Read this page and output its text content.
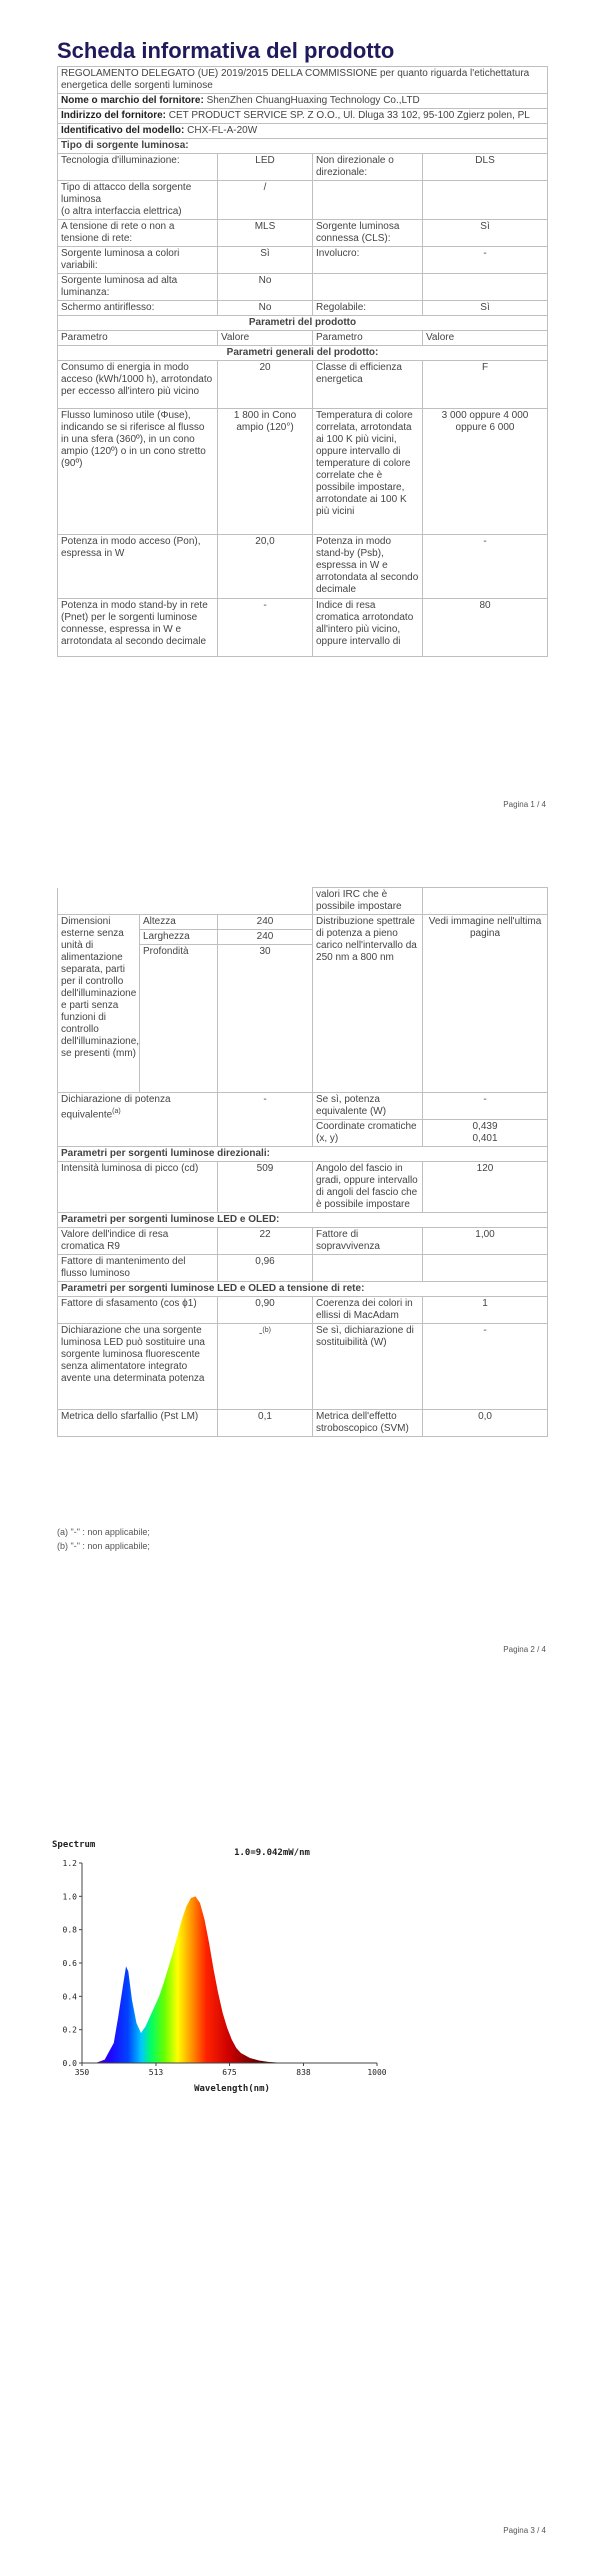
Scheda informativa del prodotto
REGOLAMENTO DELEGATO (UE) 2019/2015 DELLA COMMISSIONE per quanto riguarda l'etichettatura energetica delle sorgenti luminose			
Nome o marchio del fornitore: ShenZhen ChuangHuaxing Technology Co.,LTD			
Indirizzo del fornitore: CET PRODUCT SERVICE SP. Z O.O., Ul. Dluga 33 102, 95-100 Zgierz polen, PL			
Identificativo del modello: CHX-FL-A-20W			
Tipo di sorgente luminosa:			
Tecnologia d'illuminazione:	LED	Non direzionale o direzionale:	DLS
Tipo di attacco della sorgente luminosa
(o altra interfaccia elettrica)	/		
A tensione di rete o non a tensione di rete:	MLS	Sorgente luminosa connessa (CLS):	Sì
Sorgente luminosa a colori variabili:	Sì	Involucro:	-
Sorgente luminosa ad alta luminanza:	No		
Schermo antiriflesso:	No	Regolabile:	Sì
Parametri del prodotto			
Parametro	Valore	Parametro	Valore
Parametri generali del prodotto:			
Consumo di energia in modo acceso (kWh/1000 h), arrotondato per eccesso all'intero più vicino	20	Classe di efficienza energetica	F
Flusso luminoso utile (Φuse), indicando se si riferisce al flusso in una sfera (360º), in un cono ampio (120º) o in un cono stretto (90º)	1 800 in Cono ampio (120°)	Temperatura di colore correlata, arrotondata ai 100 K più vicini, oppure intervallo di temperature di colore correlate che è possibile impostare, arrotondate ai 100 K più vicini	3 000 oppure 4 000 oppure 6 000
Potenza in modo acceso (Pon), espressa in W	20,0	Potenza in modo stand-by (Psb), espressa in W e arrotondata al secondo decimale	-
Potenza in modo stand-by in rete (Pnet) per le sorgenti luminose connesse, espressa in W e arrotondata al secondo decimale	-	Indice di resa cromatica arrotondato all'intero più vicino, oppure intervallo di	80
Pagina 1 / 4
			valori IRC che è possibile impostare	
Dimensioni esterne senza unità di alimentazione separata, parti per il controllo dell'illuminazione e parti senza funzioni di controllo dell'illuminazione, se presenti (mm)	Altezza	240	Distribuzione spettrale di potenza a pieno carico nell'intervallo da 250 nm a 800 nm	Vedi immagine nell'ultima pagina
	Larghezza	240		
	Profondità	30		
Dichiarazione di potenza equivalente$^{(a)}$		-	Se sì, potenza equivalente (W)	-
			Coordinate cromatiche (x, y)	0,439
0,401
Parametri per sorgenti luminose direzionali:				
Intensità luminosa di picco (cd)		509	Angolo del fascio in gradi, oppure intervallo di angoli del fascio che è possibile impostare	120
Parametri per sorgenti luminose LED e OLED:				
Valore dell'indice di resa cromatica R9		22	Fattore di sopravvivenza	1,00
Fattore di mantenimento del flusso luminoso		0,96		
Parametri per sorgenti luminose LED e OLED a tensione di rete:				
Fattore di sfasamento (cos ϕ1)		0,90	Coerenza dei colori in ellissi di MacAdam	1
Dichiarazione che una sorgente luminosa LED può sostituire una sorgente luminosa fluorescente senza alimentatore integrato avente una determinata potenza		-$^{(b)}$	Se sì, dichiarazione di sostituibilità (W)	-
Metrica dello sfarfallio (Pst LM)		0,1	Metrica dell'effetto stroboscopico (SVM)	0,0
(a) "-" : non applicabile;
(b) "-" : non applicabile;
Pagina 2 / 4
Spectrum
1.0=9.042mW/nm
0.0
0.2
0.4
0.6
0.8
1.0
1.2
350	513	675	838	1000
Wavelength(nm)
Pagina 3 / 4
